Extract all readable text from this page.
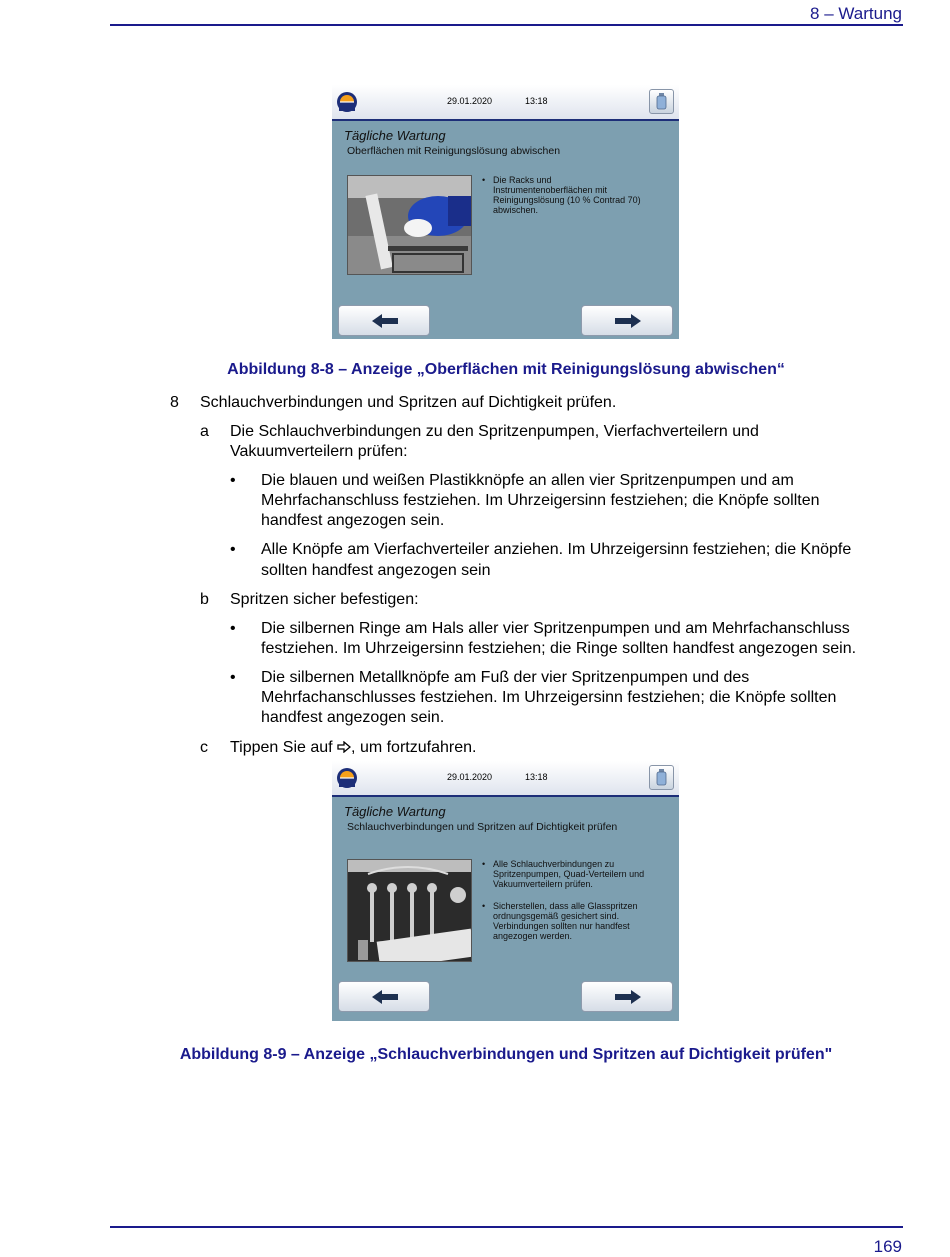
8 – Wartung
29.01.2020	13:18
Tägliche Wartung
Oberflächen mit Reinigungslösung abwischen
• Die Racks und
Instrumentenoberflächen mit
Reinigungslösung (10 % Contrad 70)
abwischen.
Abbildung 8-8 – Anzeige „Oberflächen mit Reinigungslösung abwischen“
8 Schlauchverbindungen und Spritzen auf Dichtigkeit prüfen.
a Die Schlauchverbindungen zu den Spritzenpumpen, Vierfachverteilern und
Vakuumverteilern prüfen:
• Die blauen und weißen Plastikknöpfe an allen vier Spritzenpumpen und am
Mehrfachanschluss festziehen. Im Uhrzeigersinn festziehen; die Knöpfe sollten
handfest angezogen sein.
• Alle Knöpfe am Vierfachverteiler anziehen. Im Uhrzeigersinn festziehen; die Knöpfe
sollten handfest angezogen sein
b Spritzen sicher befestigen:
• Die silbernen Ringe am Hals aller vier Spritzenpumpen und am Mehrfachanschluss
festziehen. Im Uhrzeigersinn festziehen; die Ringe sollten handfest angezogen sein.
• Die silbernen Metallknöpfe am Fuß der vier Spritzenpumpen und des
Mehrfachanschlusses festziehen. Im Uhrzeigersinn festziehen; die Knöpfe sollten
handfest angezogen sein.
c Tippen Sie auf , um fortzufahren.
29.01.2020	13:18
Tägliche Wartung
Schlauchverbindungen und Spritzen auf Dichtigkeit prüfen
• Alle Schlauchverbindungen zu
Spritzenpumpen, Quad-Verteilern und
Vakuumverteilern prüfen.
• Sicherstellen, dass alle Glasspritzen
ordnungsgemäß gesichert sind.
Verbindungen sollten nur handfest
angezogen werden.
Abbildung 8-9 – Anzeige „Schlauchverbindungen und Spritzen auf Dichtigkeit prüfen"
169
